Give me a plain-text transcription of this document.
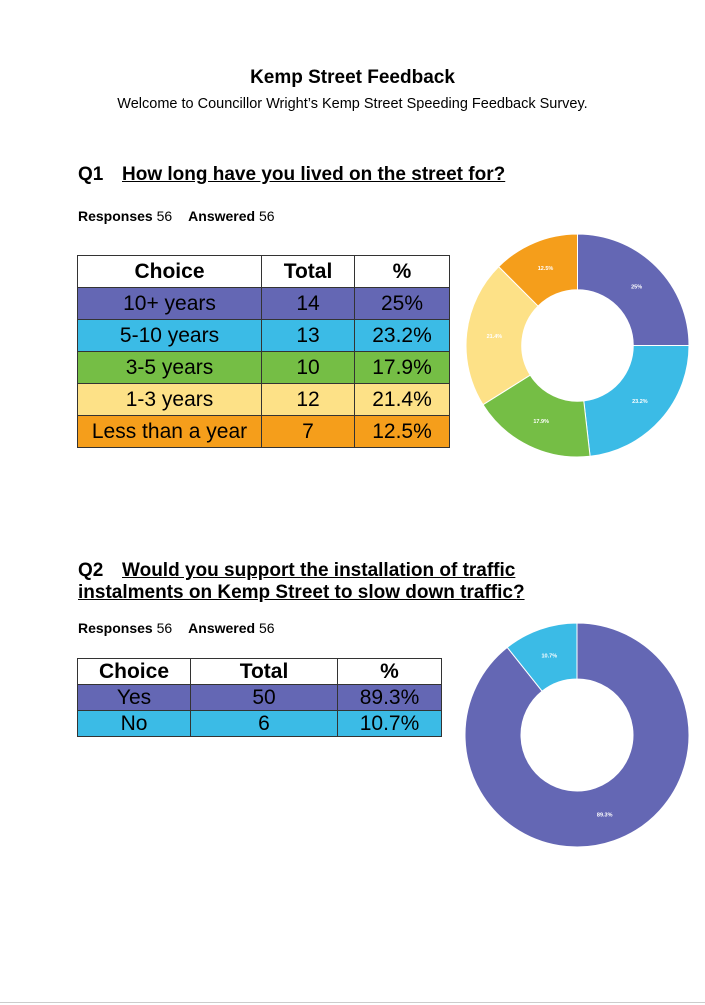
Kemp Street Feedback
Welcome to Councillor Wright’s Kemp Street Speeding Feedback Survey.
Q1 How long have you lived on the street for?
Responses 56 Answered 56
Choice	Total	%
10+ years	14	25%
5-10 years	13	23.2%
3-5 years	10	17.9%
1-3 years	12	21.4%
Less than a year	7	12.5%
25%
23.2%
17.9%
21.4%
12.5%
Q2 Would you support the installation of traffic
instalments on Kemp Street to slow down traffic?
Responses 56 Answered 56
Choice	Total	%
Yes	50	89.3%
No	6	10.7%
89.3%
10.7%
